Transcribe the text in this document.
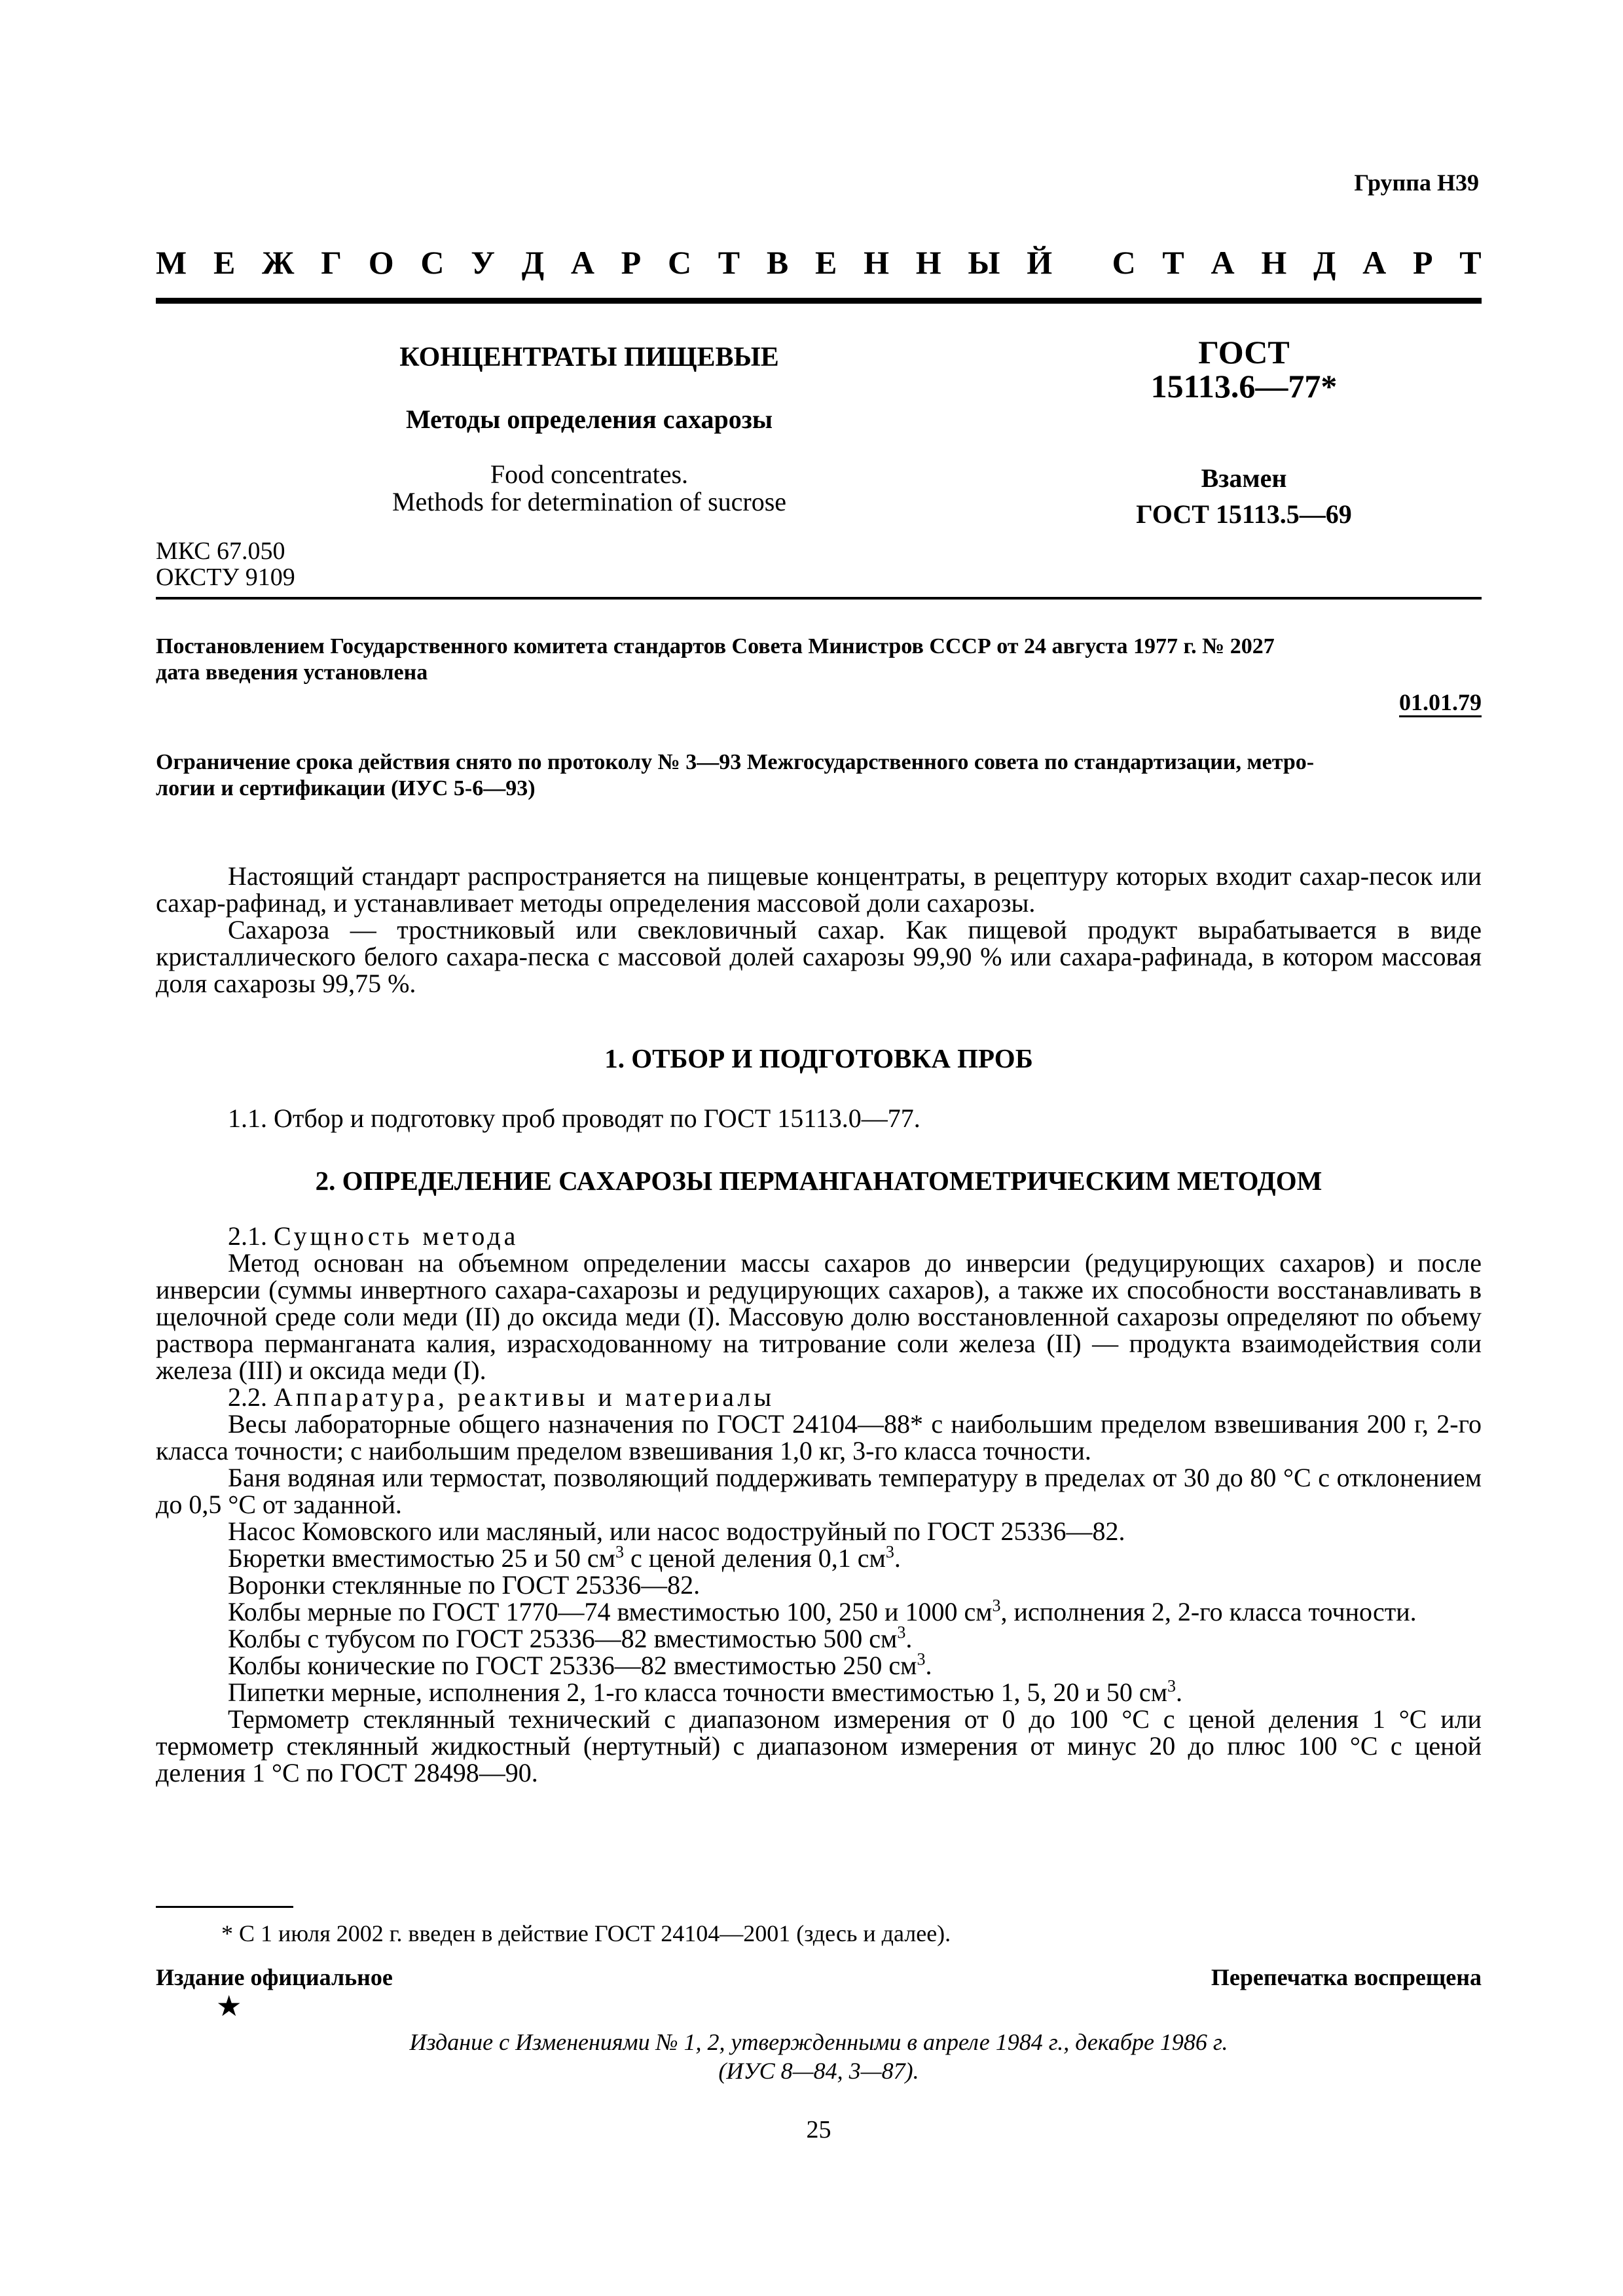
Группа Н39
М Е Ж Г О С У Д А Р С Т В Е Н Н Ы Й С Т А Н Д А Р Т
КОНЦЕНТРАТЫ ПИЩЕВЫЕ
Методы определения сахарозы
Food concentrates.
Methods for determination of sucrose
ГОСТ
15113.6—77*
Взамен
ГОСТ 15113.5—69
МКС 67.050
ОКСТУ 9109
Постановлением Государственного комитета стандартов Совета Министров СССР от 24 августа 1977 г. № 2027
дата введения установлена
01.01.79
Ограничение срока действия снято по протоколу № 3—93 Межгосударственного совета по стандартизации, метро-
логии и сертификации (ИУС 5-6—93)
Настоящий стандарт распространяется на пищевые концентраты, в рецептуру которых входит сахар-песок или сахар-рафинад, и устанавливает методы определения массовой доли сахарозы.
Сахароза — тростниковый или свекловичный сахар. Как пищевой продукт вырабатывается в виде кристаллического белого сахара-песка с массовой долей сахарозы 99,90 % или сахара-рафинада, в котором массовая доля сахарозы 99,75 %.
1. ОТБОР И ПОДГОТОВКА ПРОБ
1.1. Отбор и подготовку проб проводят по ГОСТ 15113.0—77.
2. ОПРЕДЕЛЕНИЕ САХАРОЗЫ ПЕРМАНГАНАТОМЕТРИЧЕСКИМ МЕТОДОМ
2.1. Сущность метода
Метод основан на объемном определении массы сахаров до инверсии (редуцирующих сахаров) и после инверсии (суммы инвертного сахара-сахарозы и редуцирующих сахаров), а также их способности восстанавливать в щелочной среде соли меди (II) до оксида меди (I). Массовую долю восстановленной сахарозы определяют по объему раствора перманганата калия, израсходованному на титрование соли железа (II) — продукта взаимодействия соли железа (III) и оксида меди (I).
2.2. Аппаратура, реактивы и материалы
Весы лабораторные общего назначения по ГОСТ 24104—88* с наибольшим пределом взвешивания 200 г, 2-го класса точности; с наибольшим пределом взвешивания 1,0 кг, 3-го класса точности.
Баня водяная или термостат, позволяющий поддерживать температуру в пределах от 30 до 80 °С с отклонением до 0,5 °С от заданной.
Насос Комовского или масляный, или насос водоструйный по ГОСТ 25336—82.
Бюретки вместимостью 25 и 50 $см^3$ с ценой деления 0,1 $см^3$.
Воронки стеклянные по ГОСТ 25336—82.
Колбы мерные по ГОСТ 1770—74 вместимостью 100, 250 и 1000 $см^3$, исполнения 2, 2-го класса точности.
Колбы с тубусом по ГОСТ 25336—82 вместимостью 500 $см^3$.
Колбы конические по ГОСТ 25336—82 вместимостью 250 $см^3$.
Пипетки мерные, исполнения 2, 1-го класса точности вместимостью 1, 5, 20 и 50 $см^3$.
Термометр стеклянный технический с диапазоном измерения от 0 до 100 °С с ценой деления 1 °С или термометр стеклянный жидкостный (нертутный) с диапазоном измерения от минус 20 до плюс 100 °С с ценой деления 1 °С по ГОСТ 28498—90.
* С 1 июля 2002 г. введен в действие ГОСТ 24104—2001 (здесь и далее).
Издание официальное	Перепечатка воспрещена
★
Издание с Изменениями № 1, 2, утвержденными в апреле 1984 г., декабре 1986 г.
(ИУС 8—84, 3—87).
25
